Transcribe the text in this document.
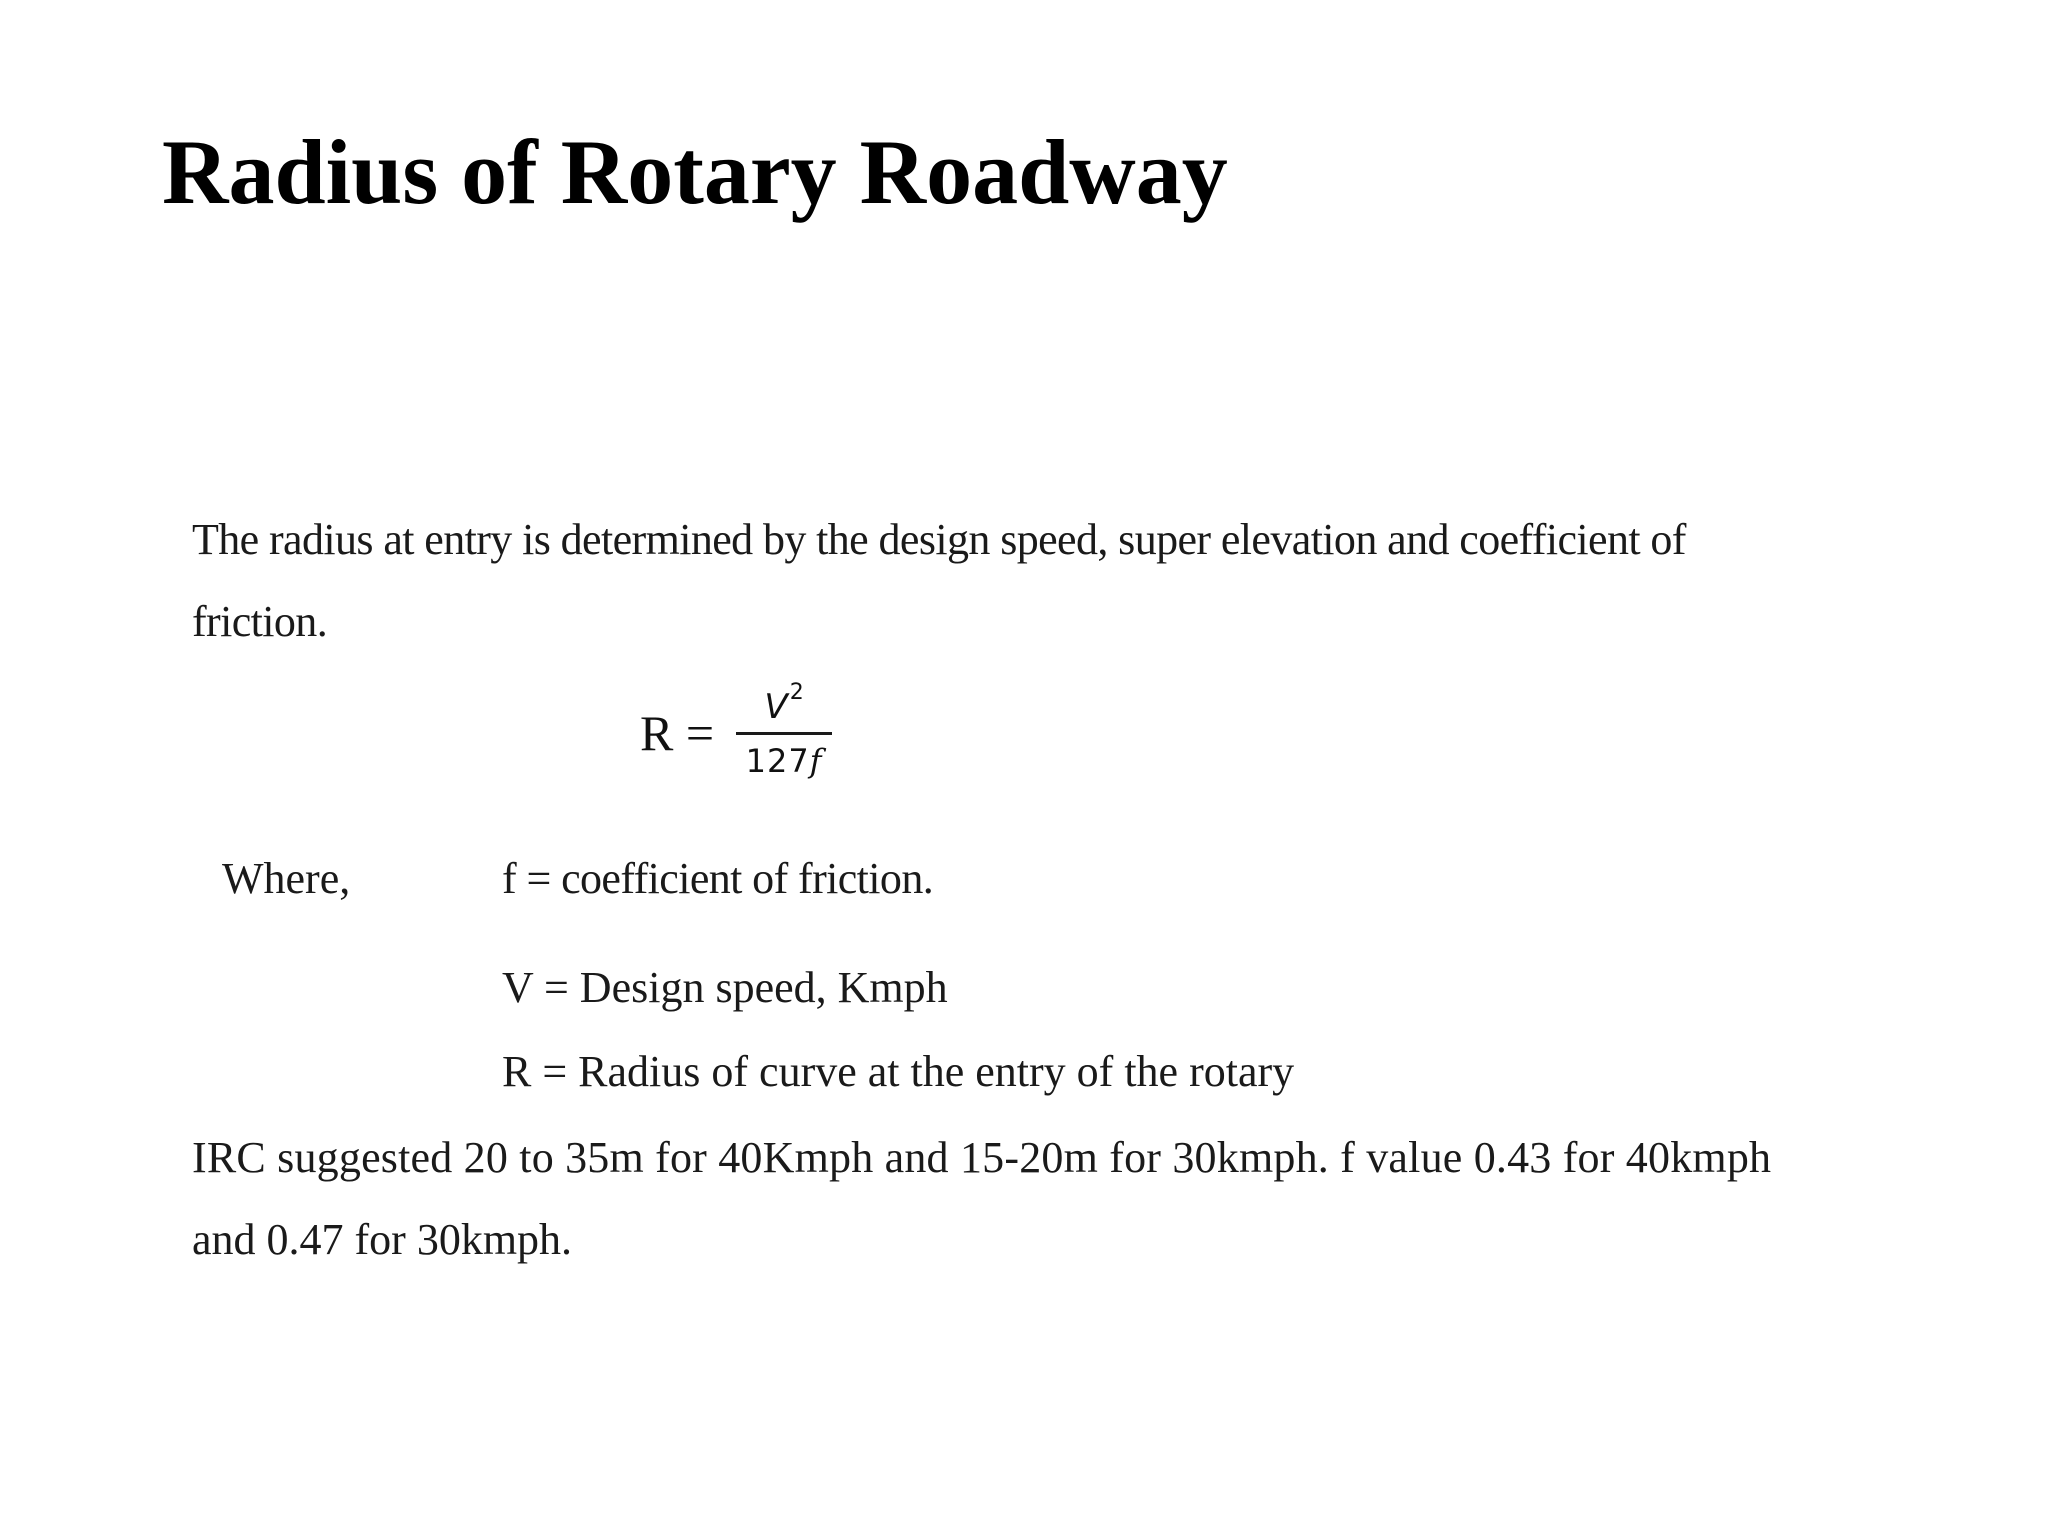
Radius of Rotary Roadway

The radius at entry is determined by the design speed, super elevation and coefficient of

friction.

$R = \frac{V^2}{127f}$

Where,	f = coefficient of friction.

V = Design speed, Kmph

R = Radius of curve at the entry of the rotary

IRC suggested 20 to 35m for 40Kmph and 15-20m for 30kmph. f value 0.43 for 40kmph

and 0.47 for 30kmph.
